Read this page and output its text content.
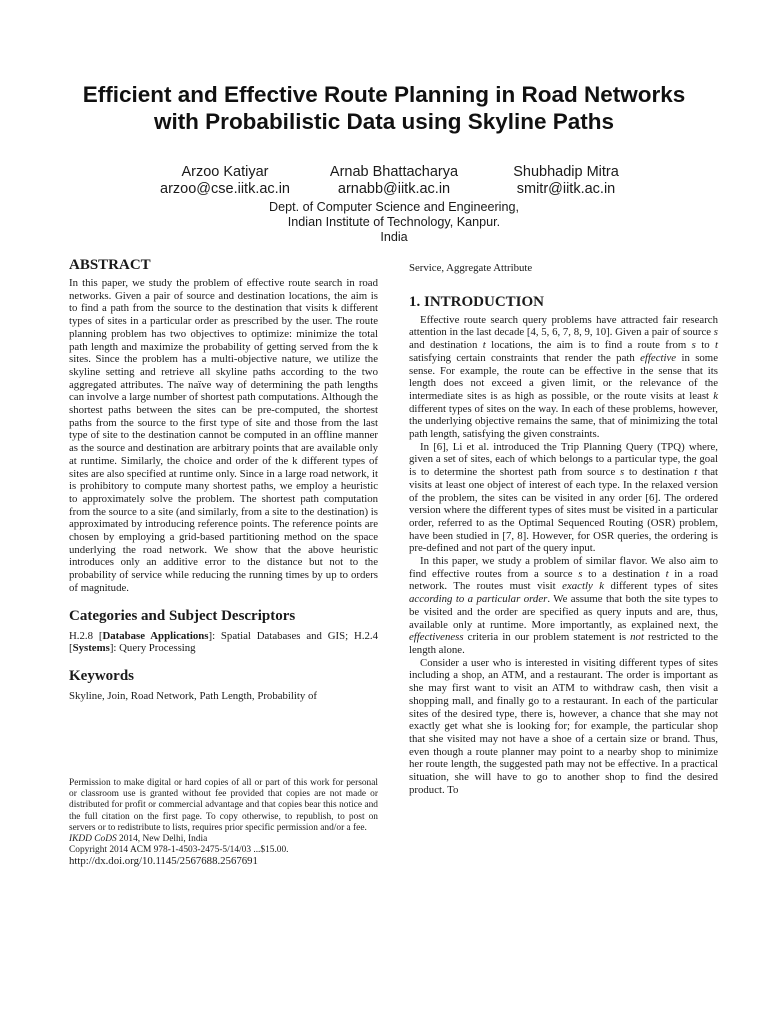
Efficient and Effective Route Planning in Road Networks
with Probabilistic Data using Skyline Paths
Arzoo Katiyar
arzoo@cse.iitk.ac.in
Arnab Bhattacharya
arnabb@iitk.ac.in
Shubhadip Mitra
smitr@iitk.ac.in
Dept. of Computer Science and Engineering,
Indian Institute of Technology, Kanpur.
India
ABSTRACT

In this paper, we study the problem of effective route search in road networks. Given a pair of source and destination locations, the aim is to find a path from the source to the destination that visits k different types of sites in a particular order as prescribed by the user. The route planning problem has two objectives to optimize: minimize the total path length and maximize the probability of getting served from the k sites. Since the problem has a multi-objective nature, we utilize the skyline setting and retrieve all skyline paths according to the two aggregated attributes. The naïve way of determining the path lengths can involve a large number of shortest path computations. Although the shortest paths between the sites can be pre-computed, the shortest paths from the source to the first type of site and those from the last type of site to the destination cannot be computed in an offline manner as the source and destination are arbitrary points that are available only at runtime. Similarly, the choice and order of the k different types of sites are also specified at runtime only. Since in a large road network, it is prohibitory to compute many shortest paths, we employ a heuristic to approximately solve the problem. The shortest path computation from the source to a site (and similarly, from a site to the destination) is approximated by introducing reference points. The reference points are chosen by employing a grid-based partitioning method on the space underlying the road network. We show that the above heuristic introduces only an additive error to the distance but not to the probability of service while reducing the running times by up to orders of magnitude.

Categories and Subject Descriptors

H.2.8 [Database Applications]: Spatial Databases and GIS; H.2.4 [Systems]: Query Processing

Keywords

Skyline, Join, Road Network, Path Length, Probability of

Permission to make digital or hard copies of all or part of this work for personal or classroom use is granted without fee provided that copies are not made or distributed for profit or commercial advantage and that copies bear this notice and the full citation on the first page. To copy otherwise, to republish, to post on servers or to redistribute to lists, requires prior specific permission and/or a fee.
IKDD CoDS 2014, New Delhi, India
Copyright 2014 ACM 978-1-4503-2475-5/14/03 ...$15.00.
http://dx.doi.org/10.1145/2567688.2567691

Service, Aggregate Attribute

1. INTRODUCTION

Effective route search query problems have attracted fair research attention in the last decade [4, 5, 6, 7, 8, 9, 10]. Given a pair of source s and destination t locations, the aim is to find a route from s to t satisfying certain constraints that render the path effective in some sense. For example, the route can be effective in the sense that its length does not exceed a given limit, or the relevance of the intermediate sites is as high as possible, or the route visits at least k different types of sites on the way. In each of these problems, however, the underlying objective remains the same, that of minimizing the total path length, satisfying the given constraints.

In [6], Li et al. introduced the Trip Planning Query (TPQ) where, given a set of sites, each of which belongs to a particular type, the goal is to determine the shortest path from source s to destination t that visits at least one object of interest of each type. In the relaxed version of the problem, the sites can be visited in any order [6]. The ordered version where the different types of sites must be visited in a particular order, referred to as the Optimal Sequenced Routing (OSR) problem, have been studied in [7, 8]. However, for OSR queries, the ordering is pre-defined and not part of the query input.

In this paper, we study a problem of similar flavor. We also aim to find effective routes from a source s to a destination t in a road network. The routes must visit exactly k different types of sites according to a particular order. We assume that both the site types to be visited and the order are specified as query inputs and are, thus, available only at runtime. More importantly, as explained next, the effectiveness criteria in our problem statement is not restricted to the length alone.

Consider a user who is interested in visiting different types of sites including a shop, an ATM, and a restaurant. The order is important as she may first want to visit an ATM to withdraw cash, then visit a shopping mall, and finally go to a restaurant. In each of the particular sites of the desired type, there is, however, a chance that she may not exactly get what she is looking for; for example, the particular shop that she visited may not have a shoe of a certain size or brand. Thus, even though a route planner may point to a nearby shop to minimize her route length, the suggested path may not be effective. In a practical situation, she will have to go to another shop to find the desired product. To
